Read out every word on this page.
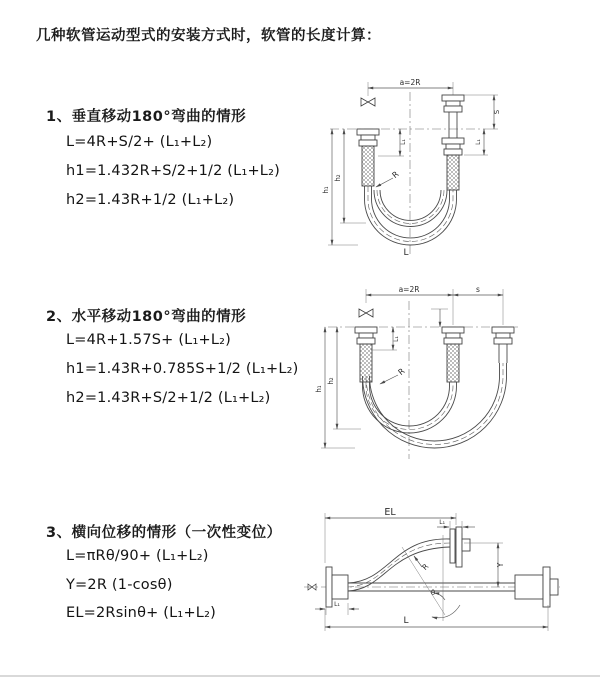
几种软管运动型式的安装方式时，软管的长度计算：
1、垂直移动180°弯曲的情形
L=4R+S/2+ (L₁+L₂)
h1=1.432R+S/2+1/2 (L₁+L₂)
h2=1.43R+1/2 (L₁+L₂)
2、水平移动180°弯曲的情形
L=4R+1.57S+ (L₁+L₂)
h1=1.43R+0.785S+1/2 (L₁+L₂)
h2=1.43R+S/2+1/2 (L₁+L₂)
3、横向位移的情形（一次性变位）
L=πRθ/90+ (L₁+L₂)
Y=2R (1-cosθ)
EL=2Rsinθ+ (L₁+L₂)
a=2R
h₁
h₂
L₁
S
L₁
R
L
a=2R	s
h₁
h₂
L₁
R
θ
EL
L₁
Y
R
L
L₁
